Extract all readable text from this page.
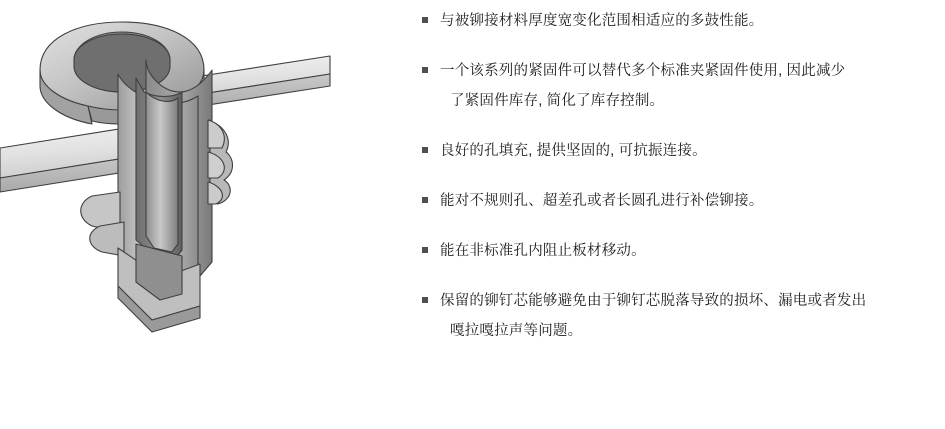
与被铆接材料厚度宽变化范围相适应的多鼓性能。
一个该系列的紧固件可以替代多个标准夹紧固件使用, 因此减少
了紧固件库存, 简化了库存控制。
良好的孔填充, 提供坚固的, 可抗振连接。
能对不规则孔、超差孔或者长圆孔进行补偿铆接。
能在非标准孔内阻止板材移动。
保留的铆钉芯能够避免由于铆钉芯脱落导致的损坏、漏电或者发出
嘎拉嘎拉声等问题。
